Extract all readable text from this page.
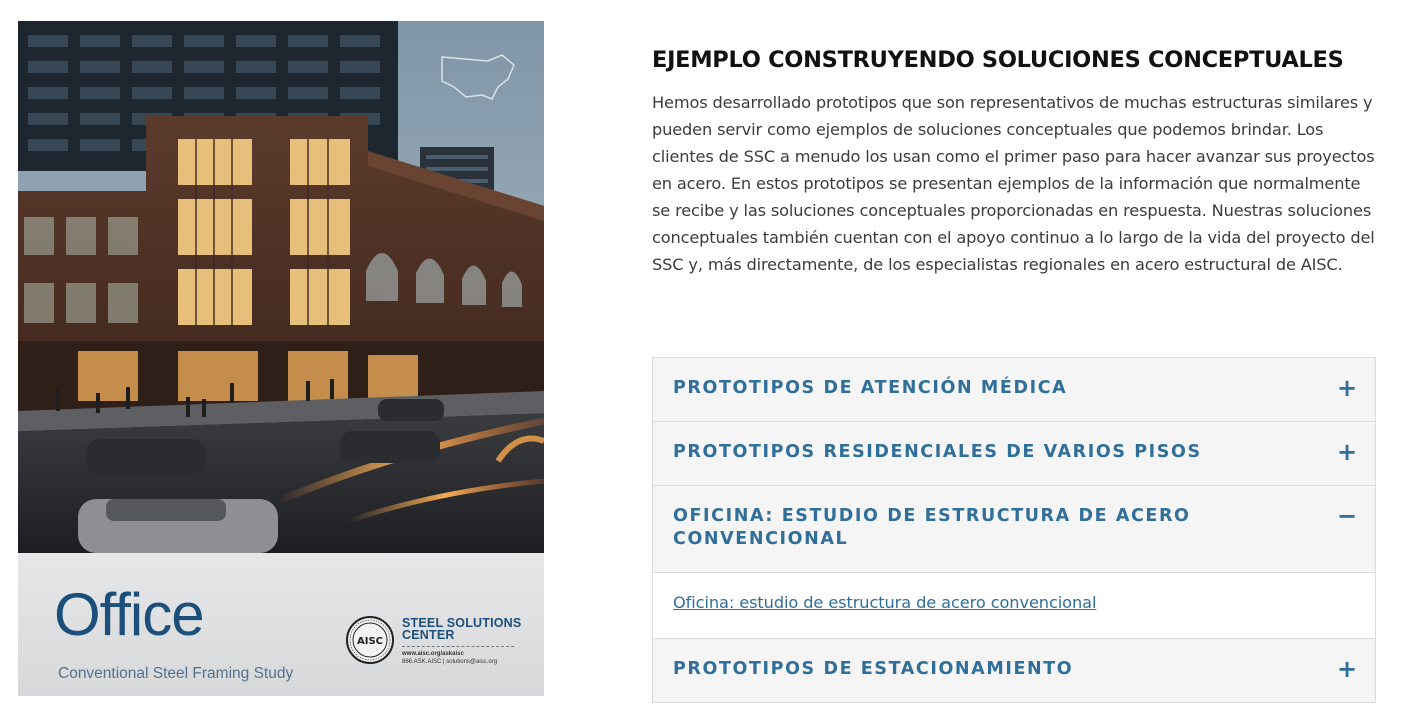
Office
Conventional Steel Framing Study
AISC
STEEL SOLUTIONS
CENTER
www.aisc.org/askaisc
866.ASK.AISC | solutions@aisc.org
EJEMPLO CONSTRUYENDO SOLUCIONES CONCEPTUALES

Hemos desarrollado prototipos que son representativos de muchas estructuras similares y pueden servir como ejemplos de soluciones conceptuales que podemos brindar. Los clientes de SSC a menudo los usan como el primer paso para hacer avanzar sus proyectos en acero. En estos prototipos se presentan ejemplos de la información que normalmente se recibe y las soluciones conceptuales proporcionadas en respuesta. Nuestras soluciones conceptuales también cuentan con el apoyo continuo a lo largo de la vida del proyecto del SSC y, más directamente, de los especialistas regionales en acero estructural de AISC.

PROTOTIPOS DE ATENCIÓN MÉDICA	+
PROTOTIPOS RESIDENCIALES DE VARIOS PISOS	+
OFICINA: ESTUDIO DE ESTRUCTURA DE ACERO CONVENCIONAL
−
Oficina: estudio de estructura de acero convencional
PROTOTIPOS DE ESTACIONAMIENTO	+
